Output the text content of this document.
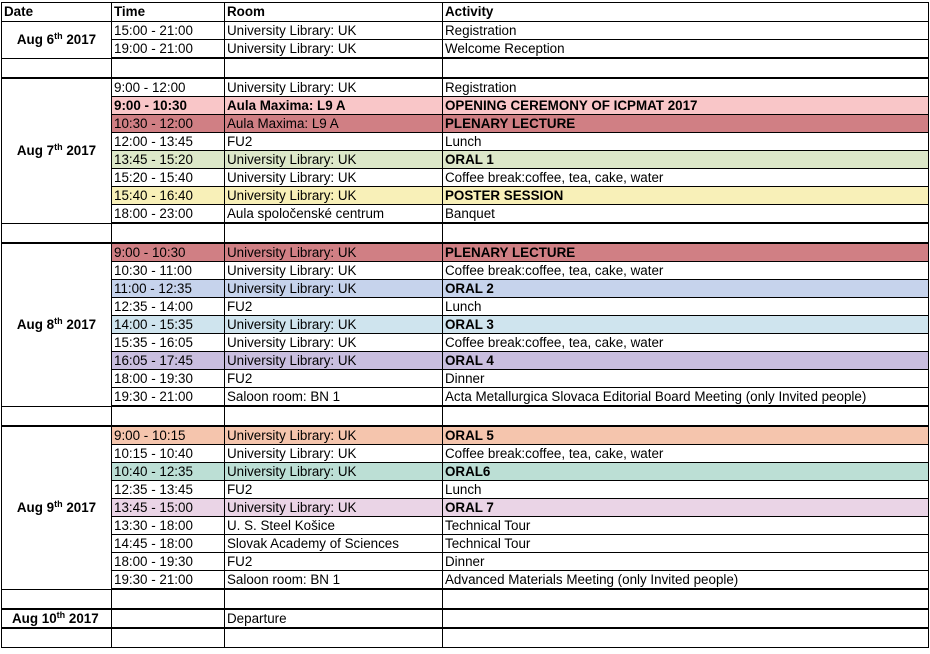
Date	Time	Room	Activity
Aug 6th 2017	15:00 - 21:00	University Library: UK	Registration
	19:00 - 21:00	University Library: UK	Welcome Reception

Aug 7th 2017	9:00 - 12:00	University Library: UK	Registration
	9:00 - 10:30	Aula Maxima: L9 A	OPENING CEREMONY OF ICPMAT 2017
	10:30 - 12:00	Aula Maxima: L9 A	PLENARY LECTURE
	12:00 - 13:45	FU2	Lunch
	13:45 - 15:20	University Library: UK	ORAL 1
	15:20 - 15:40	University Library: UK	Coffee break:coffee, tea, cake, water
	15:40 - 16:40	University Library: UK	POSTER SESSION
	18:00 - 23:00	Aula spoločenské centrum	Banquet

Aug 8th 2017	9:00 - 10:30	University Library: UK	PLENARY LECTURE
	10:30 - 11:00	University Library: UK	Coffee break:coffee, tea, cake, water
	11:00 - 12:35	University Library: UK	ORAL 2
	12:35 - 14:00	FU2	Lunch
	14:00 - 15:35	University Library: UK	ORAL 3
	15:35 - 16:05	University Library: UK	Coffee break:coffee, tea, cake, water
	16:05 - 17:45	University Library: UK	ORAL 4
	18:00 - 19:30	FU2	Dinner
	19:30 - 21:00	Saloon room: BN 1	Acta Metallurgica Slovaca Editorial Board Meeting (only Invited people)

Aug 9th 2017	9:00 - 10:15	University Library: UK	ORAL 5
	10:15 - 10:40	University Library: UK	Coffee break:coffee, tea, cake, water
	10:40 - 12:35	University Library: UK	ORAL6
	12:35 - 13:45	FU2	Lunch
	13:45 - 15:00	University Library: UK	ORAL 7
	13:30 - 18:00	U. S. Steel Košice	Technical Tour
	14:45 - 18:00	Slovak Academy of Sciences	Technical Tour
	18:00 - 19:30	FU2	Dinner
	19:30 - 21:00	Saloon room: BN 1	Advanced Materials Meeting (only Invited people)

Aug 10th 2017		Departure	
